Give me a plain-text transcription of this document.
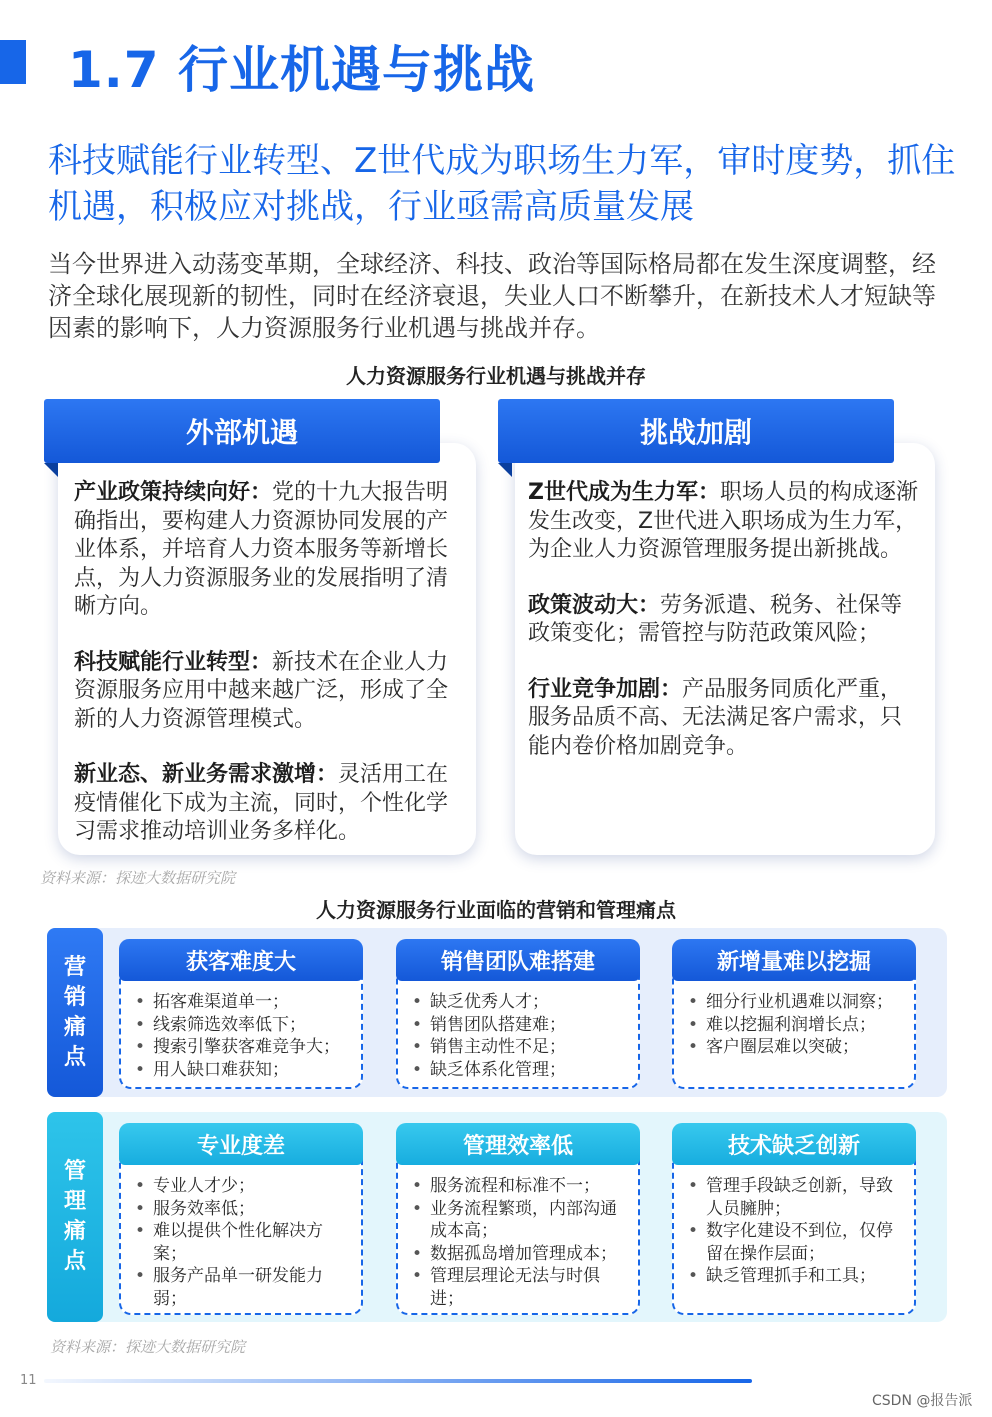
1.7 行业机遇与挑战
科技赋能行业转型、Z世代成为职场生力军，审时度势，抓住机遇，积极应对挑战，行业亟需高质量发展
当今世界进入动荡变革期，全球经济、科技、政治等国际格局都在发生深度调整，经济全球化展现新的韧性，同时在经济衰退，失业人口不断攀升，在新技术人才短缺等因素的影响下，人力资源服务行业机遇与挑战并存。
人力资源服务行业机遇与挑战并存
外部机遇

产业政策持续向好：党的十九大报告明确指出，要构建人力资源协同发展的产业体系，并培育人力资本服务等新增长点，为人力资源服务业的发展指明了清晰方向。

科技赋能行业转型：新技术在企业人力资源服务应用中越来越广泛，形成了全新的人力资源管理模式。

新业态、新业务需求激增：灵活用工在疫情催化下成为主流，同时，个性化学习需求推动培训业务多样化。

挑战加剧

Z世代成为生力军：职场人员的构成逐渐发生改变，Z世代进入职场成为生力军，为企业人力资源管理服务提出新挑战。

政策波动大：劳务派遣、税务、社保等政策变化；需管控与防范政策风险；

行业竞争加剧：产品服务同质化严重，服务品质不高、无法满足客户需求，只能内卷价格加剧竞争。

资料来源：探迹大数据研究院
人力资源服务行业面临的营销和管理痛点
营销痛点
获客难度大
• 拓客难渠道单一；
• 线索筛选效率低下；
• 搜索引擎获客难竞争大；
• 用人缺口难获知；
销售团队难搭建
• 缺乏优秀人才；
• 销售团队搭建难；
• 销售主动性不足；
• 缺乏体系化管理；
新增量难以挖掘
• 细分行业机遇难以洞察；
• 难以挖掘利润增长点；
• 客户圈层难以突破；
管理痛点
专业度差
• 专业人才少；
• 服务效率低；
• 难以提供个性化解决方案；
• 服务产品单一研发能力弱；
管理效率低
• 服务流程和标准不一；
• 业务流程繁琐，内部沟通成本高；
• 数据孤岛增加管理成本；
• 管理层理论无法与时俱进；
技术缺乏创新
• 管理手段缺乏创新，导致人员臃肿；
• 数字化建设不到位，仅停留在操作层面；
• 缺乏管理抓手和工具；
资料来源：探迹大数据研究院
11
CSDN @报告派
